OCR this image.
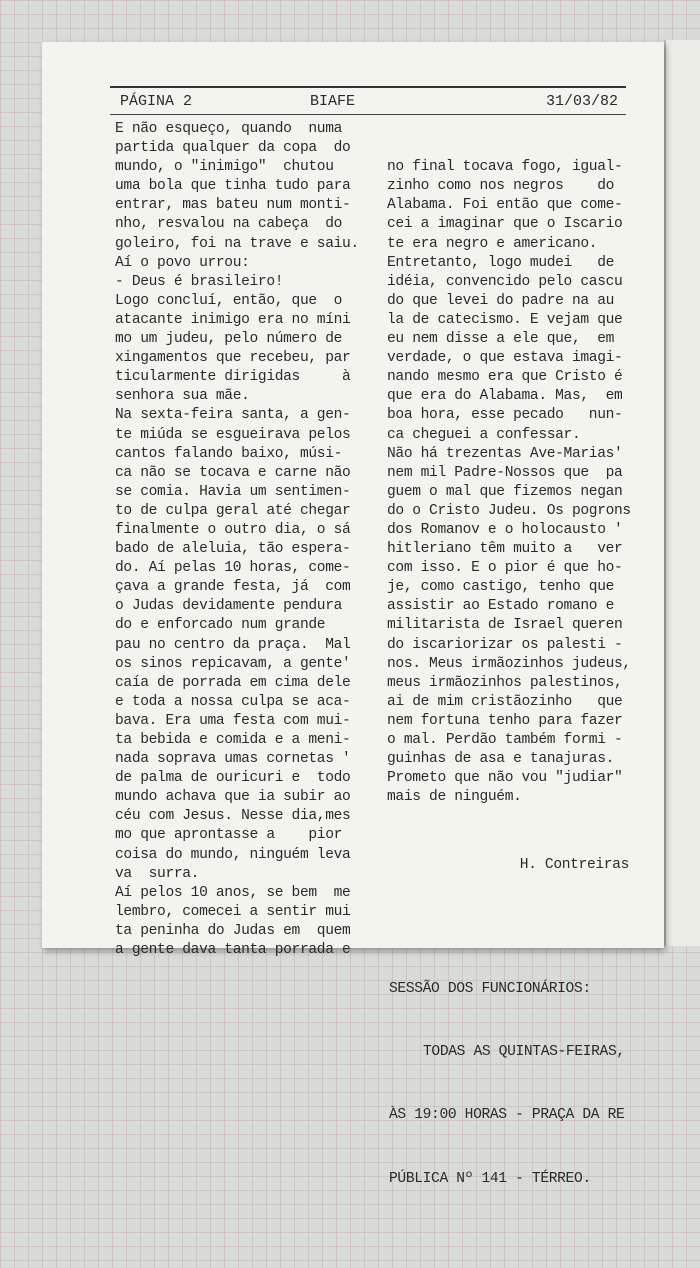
PÁGINA 2	BIAFE	31/03/82
E não esqueço, quando  numa
partida qualquer da copa  do
mundo, o "inimigo"  chutou
uma bola que tinha tudo para
entrar, mas bateu num monti-
nho, resvalou na cabeça  do
goleiro, foi na trave e saiu.
Aí o povo urrou:
- Deus é brasileiro!
Logo concluí, então, que  o
atacante inimigo era no míni
mo um judeu, pelo número de
xingamentos que recebeu, par
ticularmente dirigidas     à
senhora sua mãe.
Na sexta-feira santa, a gen-
te miúda se esgueirava pelos
cantos falando baixo, músi-
ca não se tocava e carne não
se comia. Havia um sentimen-
to de culpa geral até chegar
finalmente o outro dia, o sá
bado de aleluia, tão espera-
do. Aí pelas 10 horas, come-
çava a grande festa, já  com
o Judas devidamente pendura
do e enforcado num grande
pau no centro da praça.  Mal
os sinos repicavam, a gente'
caía de porrada em cima dele
e toda a nossa culpa se aca-
bava. Era uma festa com mui-
ta bebida e comida e a meni-
nada soprava umas cornetas '
de palma de ouricuri e  todo
mundo achava que ia subir ao
céu com Jesus. Nesse dia,mes
mo que aprontasse a    pior
coisa do mundo, ninguém leva
va  surra.
Aí pelos 10 anos, se bem  me
lembro, comecei a sentir mui
ta peninha do Judas em  quem
a gente dava tanta porrada e

no final tocava fogo, igual-
zinho como nos negros    do
Alabama. Foi então que come-
cei a imaginar que o Iscario
te era negro e americano.
Entretanto, logo mudei   de
idéia, convencido pelo cascu
do que levei do padre na au
la de catecismo. E vejam que
eu nem disse a ele que,  em
verdade, o que estava imagi-
nando mesmo era que Cristo é
que era do Alabama. Mas,  em
boa hora, esse pecado   nun-
ca cheguei a confessar.
Não há trezentas Ave-Marias'
nem mil Padre-Nossos que  pa
guem o mal que fizemos negan
do o Cristo Judeu. Os pogrons
dos Romanov e o holocausto '
hitleriano têm muito a   ver
com isso. E o pior é que ho-
je, como castigo, tenho que
assistir ao Estado romano e
militarista de Israel queren
do iscariorizar os palesti -
nos. Meus irmãozinhos judeus,
meus irmãozinhos palestinos,
ai de mim cristãozinho   que
nem fortuna tenho para fazer
o mal. Perdão também formi -
guinhas de asa e tanajuras.
Prometo que não vou "judiar"
mais de ninguém.

H. Contreiras

SESSÃO DOS FUNCIONÁRIOS:

TODAS AS QUINTAS-FEIRAS,

ÀS 19:00 HORAS - PRAÇA DA RE

PÚBLICA Nº 141 - TÉRREO.
